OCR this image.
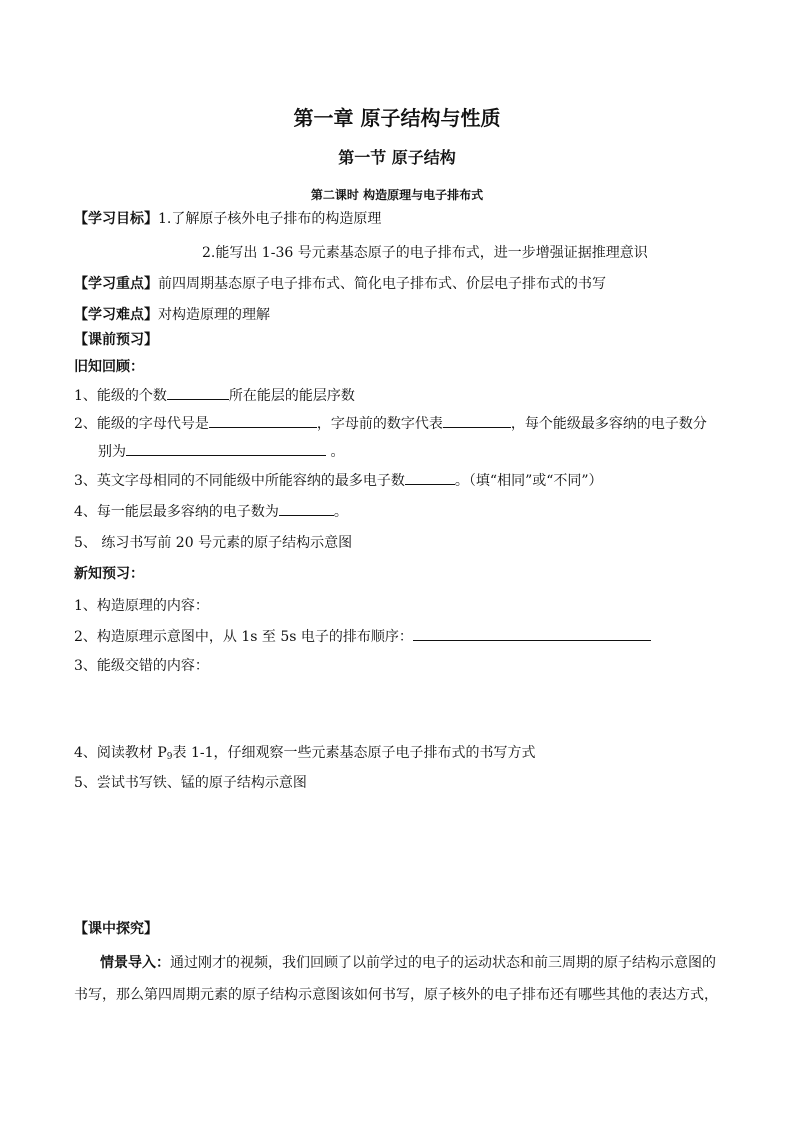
第一章 原子结构与性质
第一节 原子结构
第二课时 构造原理与电子排布式
【学习目标】1.了解原子核外电子排布的构造原理
2.能写出 1-36 号元素基态原子的电子排布式，进一步增强证据推理意识
【学习重点】前四周期基态原子电子排布式、简化电子排布式、价层电子排布式的书写
【学习难点】对构造原理的理解
【课前预习】
旧知回顾：
1、能级的个数	所在能层的能层序数
2、能级的字母代号是	，字母前的数字代表	，每个能级最多容纳的电子数分
别为	。
3、英文字母相同的不同能级中所能容纳的最多电子数	。（填“相同”或“不同”）
4、每一能层最多容纳的电子数为	。
5、 练习书写前 20 号元素的原子结构示意图
新知预习：
1、构造原理的内容：
2、构造原理示意图中，从 1s 至 5s 电子的排布顺序：
3、能级交错的内容：
4、阅读教材 $P_9$表 1-1，仔细观察一些元素基态原子电子排布式的书写方式
5、尝试书写铁、锰的原子结构示意图
【课中探究】
情景导入：通过刚才的视频，我们回顾了以前学过的电子的运动状态和前三周期的原子结构示意图的
书写，那么第四周期元素的原子结构示意图该如何书写，原子核外的电子排布还有哪些其他的表达方式，
